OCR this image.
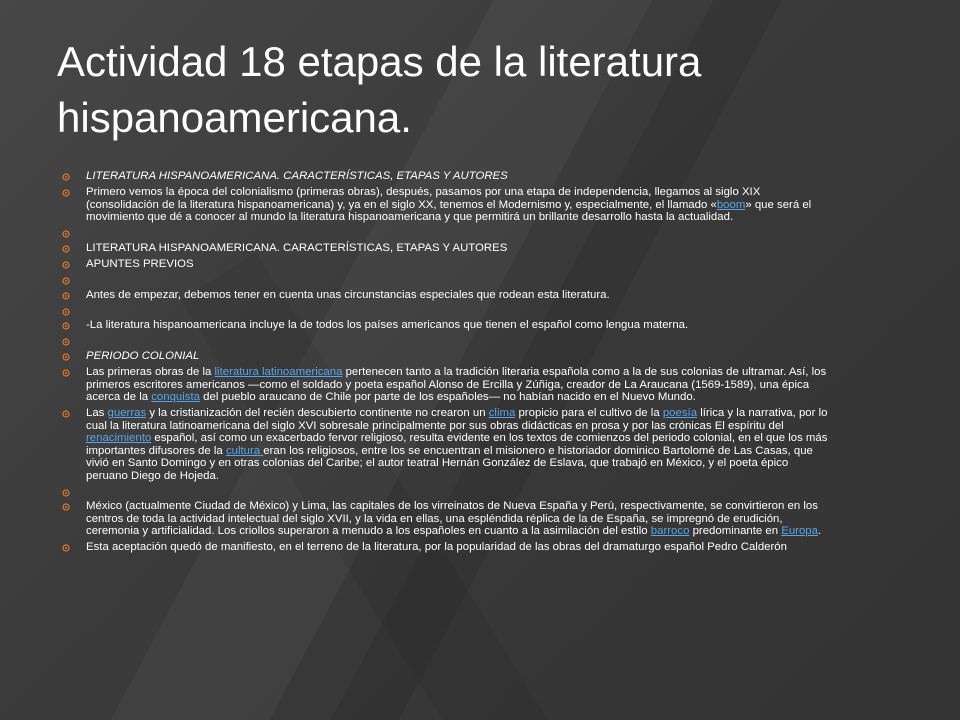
Actividad 18 etapas de la literatura hispanoamericana.
LITERATURA HISPANOAMERICANA. CARACTERÍSTICAS, ETAPAS Y AUTORES
Primero vemos la época del colonialismo (primeras obras), después, pasamos por una etapa de independencia, llegamos al siglo XIX (consolidación de la literatura hispanoamericana) y, ya en el siglo XX, tenemos el Modernismo y, especialmente, el llamado «boom» que será el movimiento que dé a conocer al mundo la literatura hispanoamericana y que permitirá un brillante desarrollo hasta la actualidad.
LITERATURA HISPANOAMERICANA. CARACTERÍSTICAS, ETAPAS Y AUTORES
APUNTES PREVIOS
Antes de empezar, debemos tener en cuenta unas circunstancias especiales que rodean esta literatura.
-La literatura hispanoamericana incluye la de todos los países americanos que tienen el español como lengua materna.
PERIODO COLONIAL
Las primeras obras de la literatura latinoamericana pertenecen tanto a la tradición literaria española como a la de sus colonias de ultramar. Así, los primeros escritores americanos —como el soldado y poeta español Alonso de Ercilla y Zúñiga, creador de La Araucana (1569-1589), una épica acerca de la conquista del pueblo araucano de Chile por parte de los españoles— no habían nacido en el Nuevo Mundo.
Las guerras y la cristianización del recién descubierto continente no crearon un clima propicio para el cultivo de la poesía lírica y la narrativa, por lo cual la literatura latinoamericana del siglo XVI sobresale principalmente por sus obras didácticas en prosa y por las crónicas El espíritu del renacimiento español, así como un exacerbado fervor religioso, resulta evidente en los textos de comienzos del periodo colonial, en el que los más importantes difusores de la cultura eran los religiosos, entre los se encuentran el misionero e historiador dominico Bartolomé de Las Casas, que vivió en Santo Domingo y en otras colonias del Caribe; el autor teatral Hernán González de Eslava, que trabajó en México, y el poeta épico peruano Diego de Hojeda.
México (actualmente Ciudad de México) y Lima, las capitales de los virreinatos de Nueva España y Perú, respectivamente, se convirtieron en los centros de toda la actividad intelectual del siglo XVII, y la vida en ellas, una espléndida réplica de la de España, se impregnó de erudición, ceremonia y artificialidad. Los criollos superaron a menudo a los españoles en cuanto a la asimilación del estilo barroco predominante en Europa.
Esta aceptación quedó de manifiesto, en el terreno de la literatura, por la popularidad de las obras del dramaturgo español Pedro Calderón
